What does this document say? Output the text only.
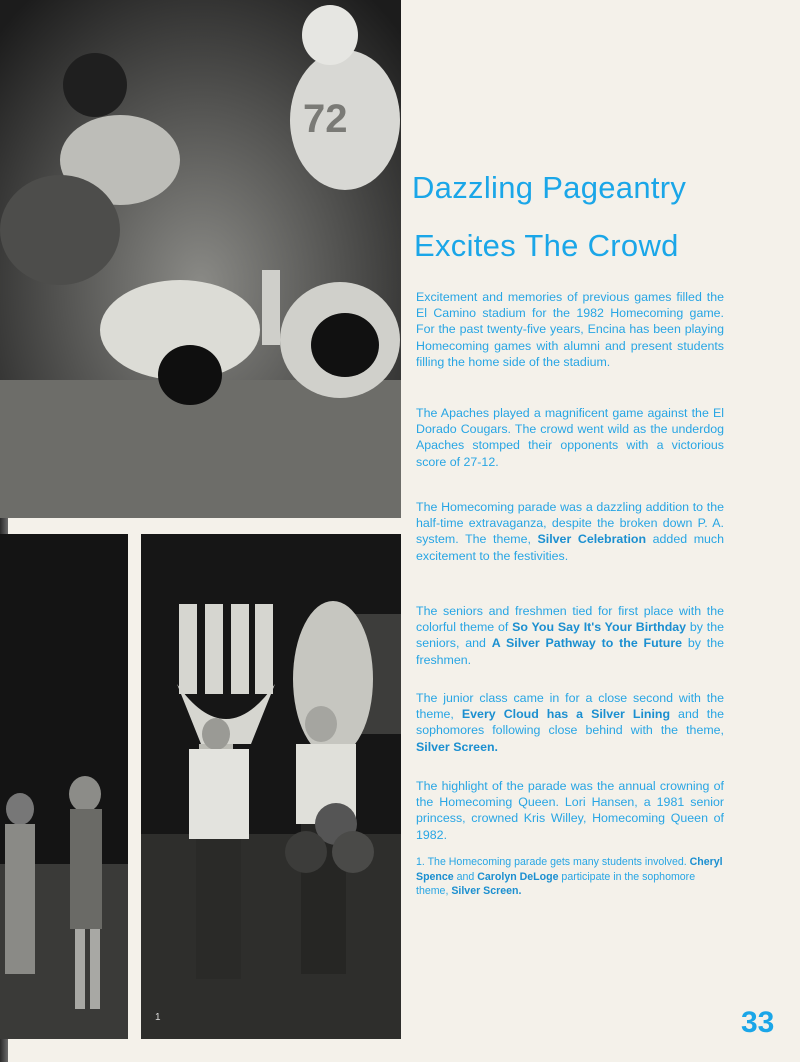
72
1
Dazzling Pageantry
Excites The Crowd

Excitement and memories of previous games filled the El Camino stadium for the 1982 Homecoming game. For the past twenty-five years, Encina has been playing Homecoming games with alumni and present students filling the home side of the stadium.

The Apaches played a magnificent game against the El Dorado Cougars. The crowd went wild as the underdog Apaches stomped their opponents with a victorious score of 27-12.

The Homecoming parade was a dazzling addition to the half-time extravaganza, despite the broken down P. A. system. The theme, Silver Celebration added much excitement to the festivities.

The seniors and freshmen tied for first place with the colorful theme of So You Say It's Your Birthday by the seniors, and A Silver Pathway to the Future by the freshmen.

The junior class came in for a close second with the theme, Every Cloud has a Silver Lining and the sophomores following close behind with the theme, Silver Screen.

The highlight of the parade was the annual crowning of the Homecoming Queen. Lori Hansen, a 1981 senior princess, crowned Kris Willey, Homecoming Queen of 1982.

1. The Homecoming parade gets many students involved. Cheryl Spence and Carolyn DeLoge participate in the sophomore theme, Silver Screen.
33
